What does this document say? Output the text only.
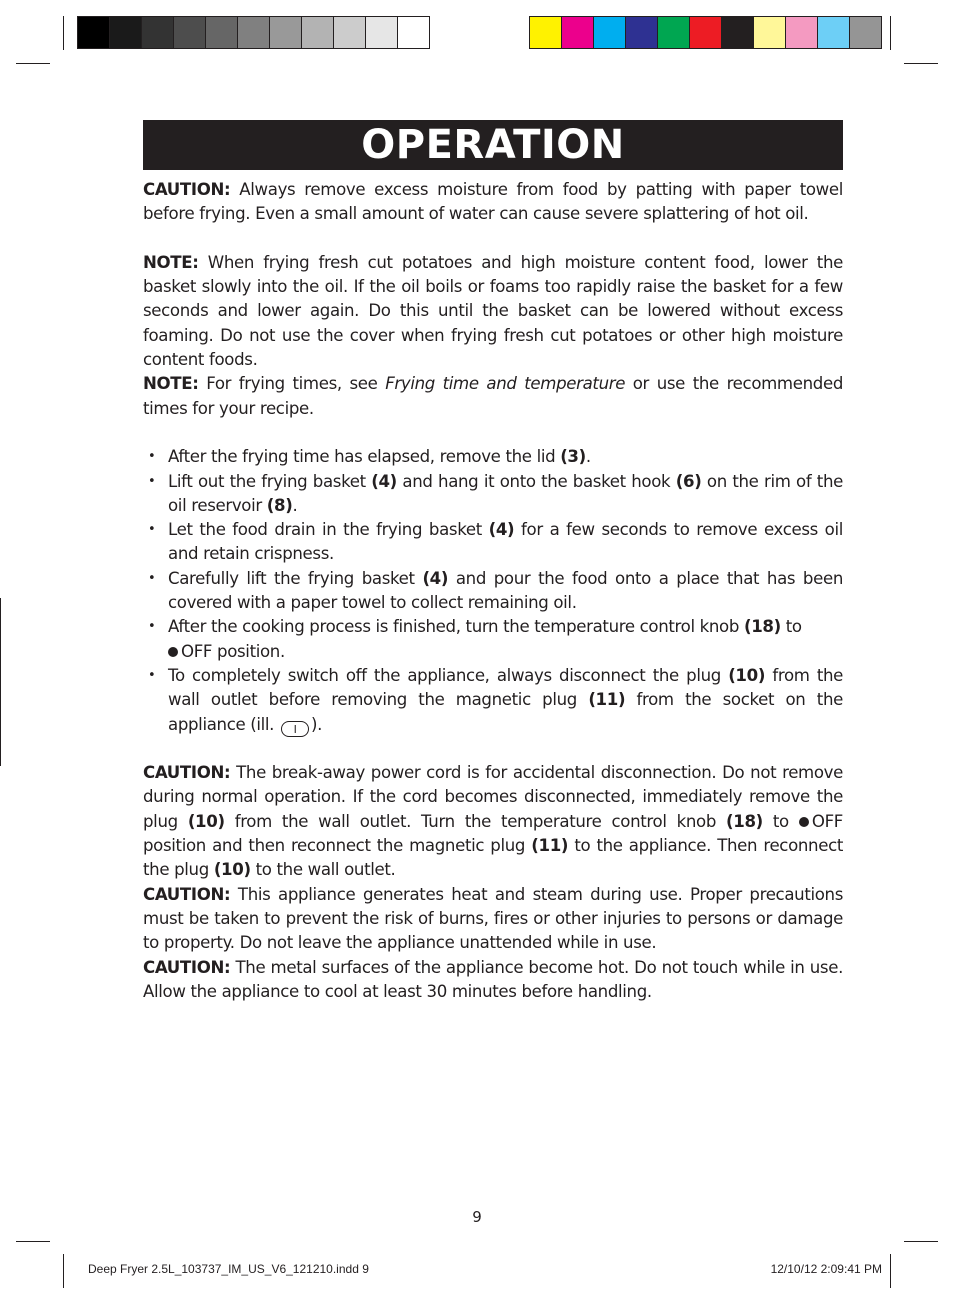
OPERATION

CAUTION: Always remove excess moisture from food by patting with paper towel before frying. Even a small amount of water can cause severe splattering of hot oil.

NOTE: When frying fresh cut potatoes and high moisture content food, lower the basket slowly into the oil. If the oil boils or foams too rapidly raise the basket for a few seconds and lower again. Do this until the basket can be lowered without excess foaming. Do not use the cover when frying fresh cut potatoes or other high moisture content foods.

NOTE: For frying times, see Frying time and temperature or use the recommended times for your recipe.

• After the frying time has elapsed, remove the lid (3).
• Lift out the frying basket (4) and hang it onto the basket hook (6) on the rim of the oil reservoir (8).
• Let the food drain in the frying basket (4) for a few seconds to remove excess oil and retain crispness.
• Carefully lift the frying basket (4) and pour the food onto a place that has been covered with a paper towel to collect remaining oil.
• After the cooking process is finished, turn the temperature control knob (18) to
OFF position.
• To completely switch off the appliance, always disconnect the plug (10) from the wall outlet before removing the magnetic plug (11) from the socket on the appliance (ill. I ).

CAUTION: The break-away power cord is for accidental disconnection. Do not remove during normal operation. If the cord becomes disconnected, immediately remove the plug (10) from the wall outlet. Turn the temperature control knob (18) to OFF position and then reconnect the magnetic plug (11) to the appliance. Then reconnect the plug (10) to the wall outlet.

CAUTION: This appliance generates heat and steam during use. Proper precautions must be taken to prevent the risk of burns, fires or other injuries to persons or damage to property. Do not leave the appliance unattended while in use.

CAUTION: The metal surfaces of the appliance become hot. Do not touch while in use. Allow the appliance to cool at least 30 minutes before handling.

9
Deep Fryer 2.5L_103737_IM_US_V6_121210.indd 9	12/10/12 2:09:41 PM
